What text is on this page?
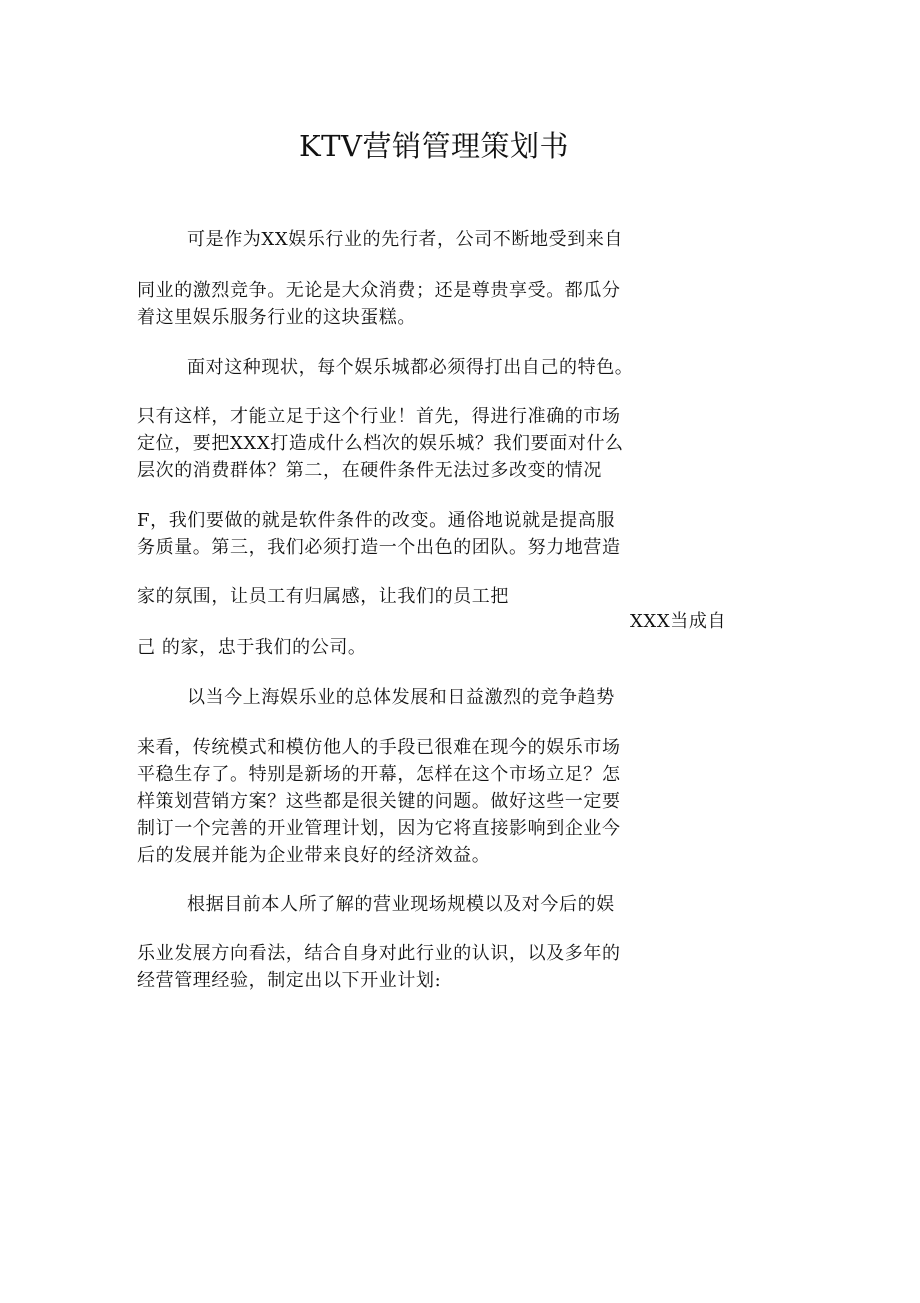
KTV营销管理策划书
可是作为XX娱乐行业的先行者，公司不断地受到来自
同业的激烈竞争。无论是大众消费；还是尊贵享受。都瓜分
着这里娱乐服务行业的这块蛋糕。
面对这种现状，每个娱乐城都必须得打出自己的特色。
只有这样，才能立足于这个行业！首先，得进行准确的市场
定位，要把XXX打造成什么档次的娱乐城？我们要面对什么
层次的消费群体？第二，在硬件条件无法过多改变的情况
F，我们要做的就是软件条件的改变。通俗地说就是提高服
务质量。第三，我们必须打造一个出色的团队。努力地营造
家的氛围，让员工有归属感，让我们的员工把
XXX当成自
己 的家，忠于我们的公司。
以当今上海娱乐业的总体发展和日益激烈的竞争趋势
来看，传统模式和模仿他人的手段已很难在现今的娱乐市场
平稳生存了。特别是新场的开幕，怎样在这个市场立足？怎
样策划营销方案？这些都是很关键的问题。做好这些一定要
制订一个完善的开业管理计划，因为它将直接影响到企业今
后的发展并能为企业带来良好的经济效益。
根据目前本人所了解的营业现场规模以及对今后的娱
乐业发展方向看法，结合自身对此行业的认识，以及多年的
经营管理经验，制定出以下开业计划:
